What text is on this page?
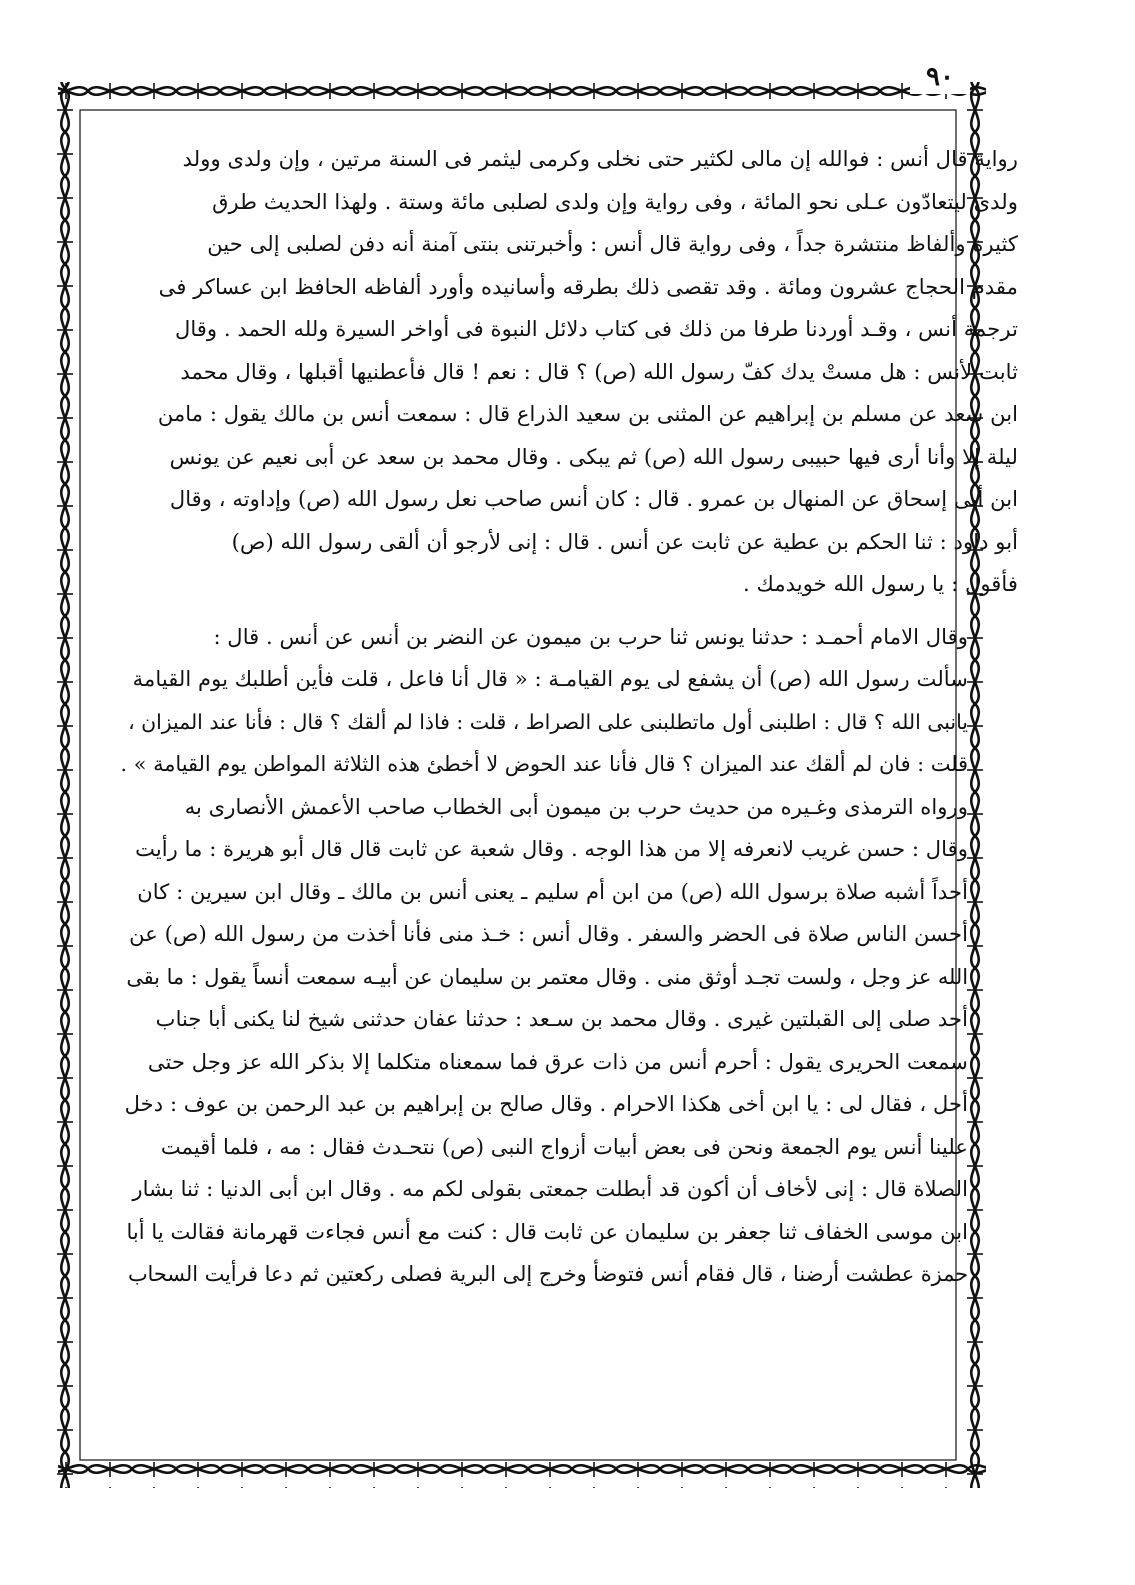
٩٠
رواية قال أنس : فوالله إن مالى لكثير حتى نخلى وكرمى ليثمر فى السنة مرتين ، وإن ولدى وولد
ولدى ليتعادّون عـلى نحو المائة ، وفى رواية وإن ولدى لصلبى مائة وستة . ولهذا الحديث طرق
كثيرة وألفاظ منتشرة جداً ، وفى رواية قال أنس : وأخبرتنى بنتى آمنة أنه دفن لصلبى إلى حين
مقدم الحجاج عشرون ومائة . وقد تقصى ذلك بطرقه وأسانيده وأورد ألفاظه الحافظ ابن عساكر فى
ترجمة أنس ، وقـد أوردنا طرفا من ذلك فى كتاب دلائل النبوة فى أواخر السيرة ولله الحمد . وقال
ثابت لأنس : هل مستْ يدك كفّ رسول الله (ص) ؟ قال : نعم ! قال فأعطنيها أقبلها ، وقال محمد
ابن سعد عن مسلم بن إبراهيم عن المثنى بن سعيد الذراع قال : سمعت أنس بن مالك يقول : مامن
ليلة إلا وأنا أرى فيها حبيبى رسول الله (ص) ثم يبكى . وقال محمد بن سعد عن أبى نعيم عن يونس
ابن أبى إسحاق عن المنهال بن عمرو . قال : كان أنس صاحب نعل رسول الله (ص) وإداوته ، وقال
أبو داود : ثنا الحكم بن عطية عن ثابت عن أنس . قال : إنى لأرجو أن ألقى رسول الله (ص)
فأقول : يا رسول الله خويدمك .
وقال الامام أحمـد : حدثنا يونس ثنا حرب بن ميمون عن النضر بن أنس عن أنس . قال :
سألت رسول الله (ص) أن يشفع لى يوم القيامـة : « قال أنا فاعل ، قلت فأين أطلبك يوم القيامة
يانبى الله ؟ قال : اطلبنى أول ماتطلبنى على الصراط ، قلت : فاذا لم ألقك ؟ قال : فأنا عند الميزان ،
قلت : فان لم ألقك عند الميزان ؟ قال فأنا عند الحوض لا أخطئ هذه الثلاثة المواطن يوم القيامة » .
ورواه الترمذى وغـيره من حديث حرب بن ميمون أبى الخطاب صاحب الأعمش الأنصارى به
وقال : حسن غريب لانعرفه إلا من هذا الوجه . وقال شعبة عن ثابت قال قال أبو هريرة : ما رأيت
أحداً أشبه صلاة برسول الله (ص) من ابن أم سليم ـ يعنى أنس بن مالك ـ وقال ابن سيرين : كان
أحسن الناس صلاة فى الحضر والسفر . وقال أنس : خـذ منى فأنا أخذت من رسول الله (ص) عن
الله عز وجل ، ولست تجـد أوثق منى . وقال معتمر بن سليمان عن أبيـه سمعت أنساً يقول : ما بقى
أحد صلى إلى القبلتين غيرى . وقال محمد بن سـعد : حدثنا عفان حدثنى شيخ لنا يكنى أبا جناب
سمعت الحريرى يقول : أحرم أنس من ذات عرق فما سمعناه متكلما إلا بذكر الله عز وجل حتى
أحل ، فقال لى : يا ابن أخى هكذا الاحرام . وقال صالح بن إبراهيم بن عبد الرحمن بن عوف : دخل
علينا أنس يوم الجمعة ونحن فى بعض أبيات أزواج النبى (ص) نتحـدث فقال : مه ، فلما أقيمت
الصلاة قال : إنى لأخاف أن أكون قد أبطلت جمعتى بقولى لكم مه . وقال ابن أبى الدنيا : ثنا بشار
ابن موسى الخفاف ثنا جعفر بن سليمان عن ثابت قال : كنت مع أنس فجاءت قهرمانة فقالت يا أبا
حمزة عطشت أرضنا ، قال فقام أنس فتوضأ وخرج إلى البرية فصلى ركعتين ثم دعا فرأيت السحاب
